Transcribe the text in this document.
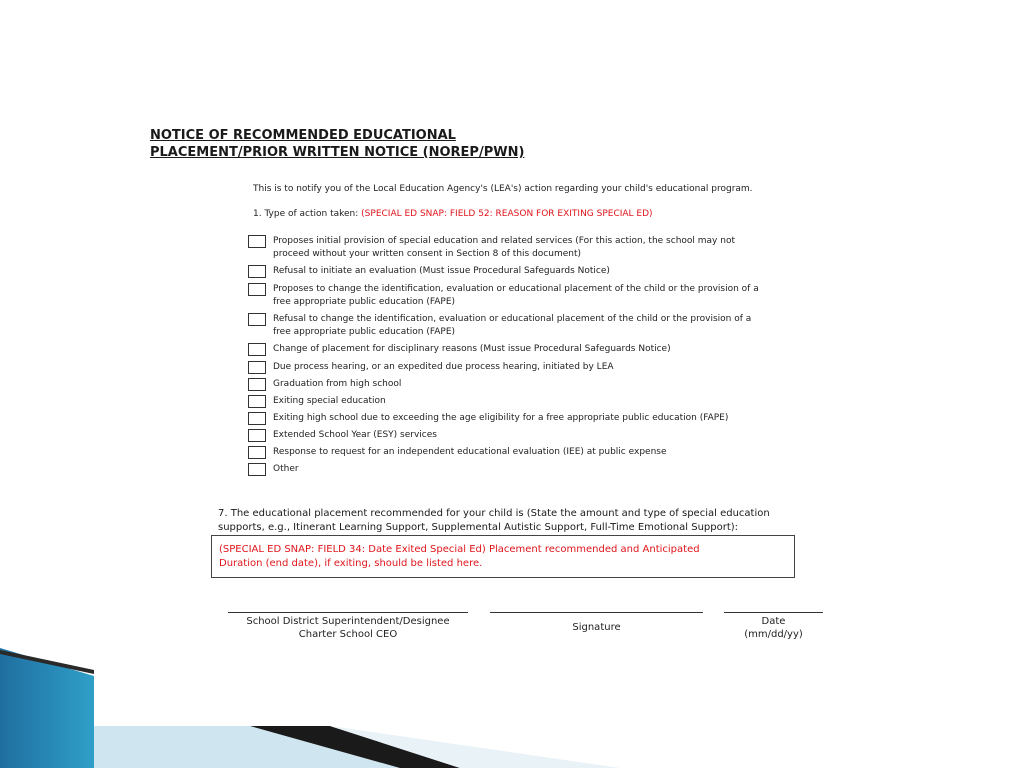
NOTICE OF RECOMMENDED EDUCATIONAL
PLACEMENT/PRIOR WRITTEN NOTICE (NOREP/PWN)
This is to notify you of the Local Education Agency's (LEA's) action regarding your child's educational program.
1. Type of action taken: (SPECIAL ED SNAP: FIELD 52: REASON FOR EXITING SPECIAL ED)
Proposes initial provision of special education and related services (For this action, the school may not
proceed without your written consent in Section 8 of this document)
Refusal to initiate an evaluation (Must issue Procedural Safeguards Notice)
Proposes to change the identification, evaluation or educational placement of the child or the provision of a
free appropriate public education (FAPE)
Refusal to change the identification, evaluation or educational placement of the child or the provision of a
free appropriate public education (FAPE)
Change of placement for disciplinary reasons (Must issue Procedural Safeguards Notice)
Due process hearing, or an expedited due process hearing, initiated by LEA
Graduation from high school
Exiting special education
Exiting high school due to exceeding the age eligibility for a free appropriate public education (FAPE)
Extended School Year (ESY) services
Response to request for an independent educational evaluation (IEE) at public expense
Other
7. The educational placement recommended for your child is (State the amount and type of special education
supports, e.g., Itinerant Learning Support, Supplemental Autistic Support, Full-Time Emotional Support):
(SPECIAL ED SNAP: FIELD 34: Date Exited Special Ed) Placement recommended and Anticipated
Duration (end date), if exiting, should be listed here.
School District Superintendent/Designee
Charter School CEO
Signature
Date
(mm/dd/yy)
